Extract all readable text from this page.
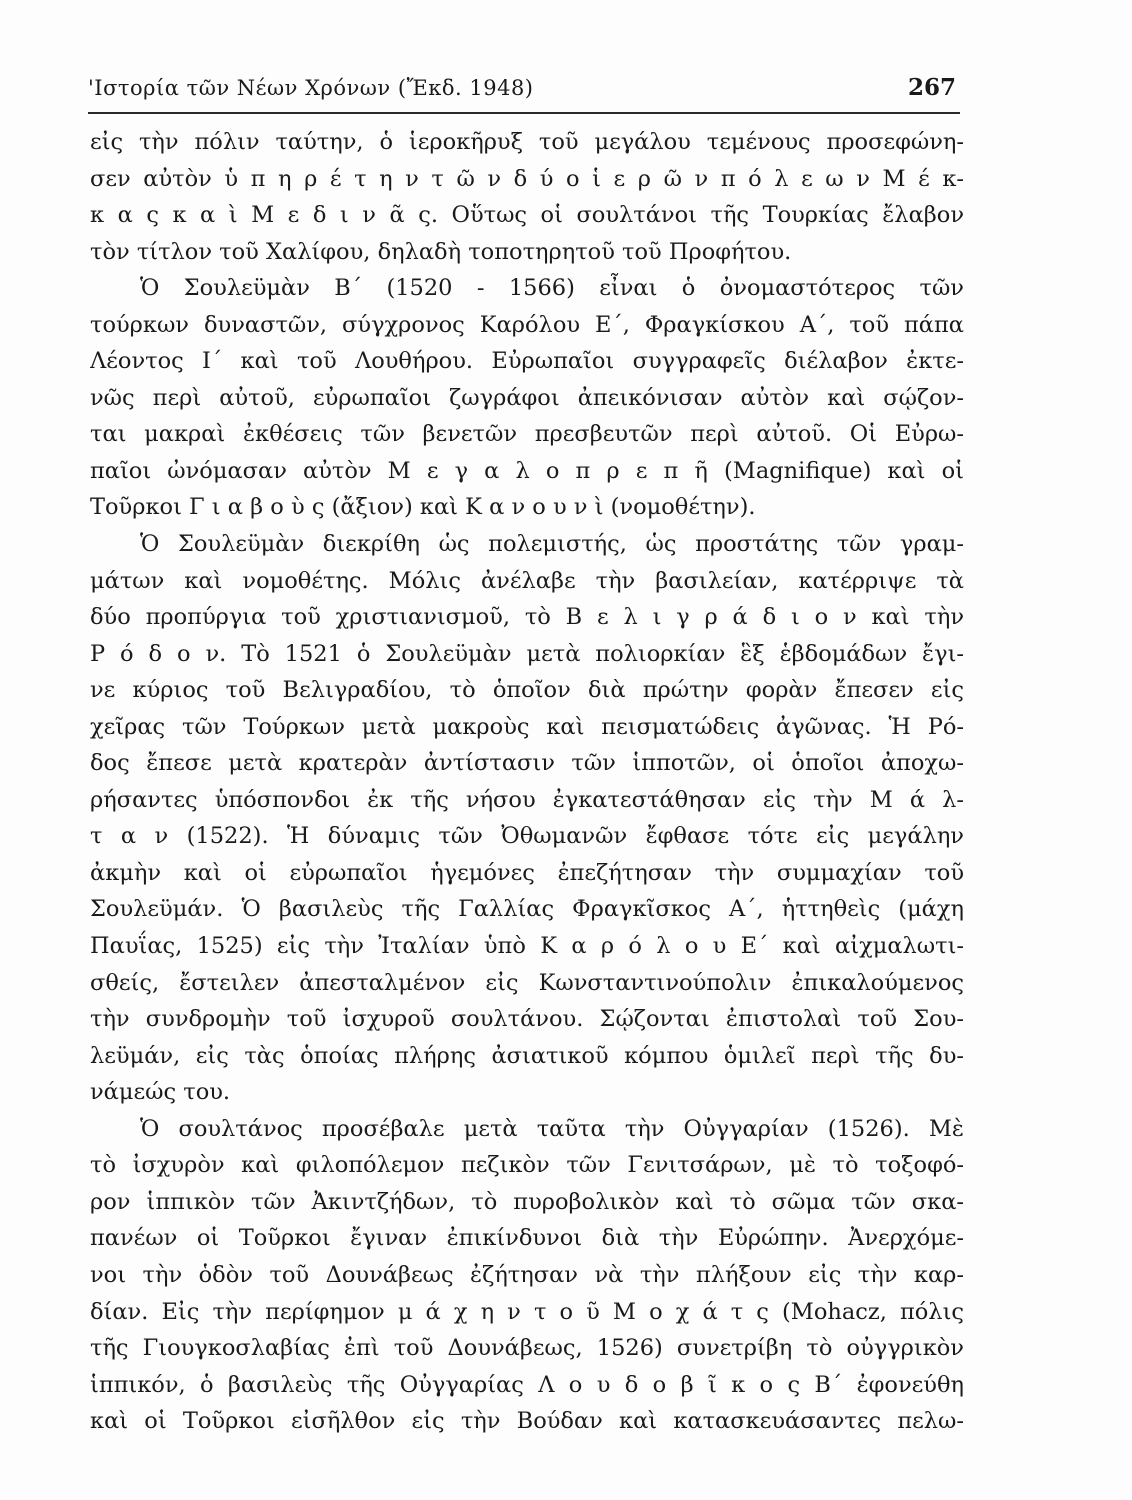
'Ιστορία τῶν Νέων Χρόνων (Ἔκδ. 1948)	267
εἰς τὴν πόλιν ταύτην, ὁ ἱεροκῆρυξ τοῦ μεγάλου τεμένους προσεφώνη-
σεν αὐτὸν ὑ π η ρ έ τ η ν τ ῶ ν δ ύ ο ἱ ε ρ ῶ ν π ό λ ε ω ν Μ έ κ-
κ α ς κ α ὶ Μ ε δ ι ν ᾶ ς. Οὕτως οἱ σουλτάνοι τῆς Τουρκίας ἔλαβον
τὸν τίτλον τοῦ Χαλίφου, δηλαδὴ τοποτηρητοῦ τοῦ Προφήτου.
Ὁ Σουλεϋμὰν Β΄ (1520 - 1566) εἶναι ὁ ὀνομαστότερος τῶν
τούρκων δυναστῶν, σύγχρονος Καρόλου Ε΄, Φραγκίσκου Α΄, τοῦ πάπα
Λέοντος Ι΄ καὶ τοῦ Λουθήρου. Εὐρωπαῖοι συγγραφεῖς διέλαβον ἐκτε-
νῶς περὶ αὐτοῦ, εὐρωπαῖοι ζωγράφοι ἀπεικόνισαν αὐτὸν καὶ σῴζον-
ται μακραὶ ἐκθέσεις τῶν βενετῶν πρεσβευτῶν περὶ αὐτοῦ. Οἱ Εὐρω-
παῖοι ὠνόμασαν αὐτὸν Μ ε γ α λ ο π ρ ε π ῆ (Magnifique) καὶ οἱ
Τοῦρκοι Γ ι α β ο ὺ ς (ἄξιον) καὶ Κ α ν ο υ ν ὶ (νομοθέτην).
Ὁ Σουλεϋμὰν διεκρίθη ὡς πολεμιστής, ὡς προστάτης τῶν γραμ-
μάτων καὶ νομοθέτης. Μόλις ἀνέλαβε τὴν βασιλείαν, κατέρριψε τὰ
δύο προπύργια τοῦ χριστιανισμοῦ, τὸ Β ε λ ι γ ρ ά δ ι ο ν καὶ τὴν
Ρ ό δ ο ν. Τὸ 1521 ὁ Σουλεϋμὰν μετὰ πολιορκίαν ἓξ ἑβδομάδων ἔγι-
νε κύριος τοῦ Βελιγραδίου, τὸ ὁποῖον διὰ πρώτην φορὰν ἔπεσεν εἰς
χεῖρας τῶν Τούρκων μετὰ μακροὺς καὶ πεισματώδεις ἀγῶνας. Ἡ Ρό-
δος ἔπεσε μετὰ κρατερὰν ἀντίστασιν τῶν ἱπποτῶν, οἱ ὁποῖοι ἀποχω-
ρήσαντες ὑπόσπονδοι ἐκ τῆς νήσου ἐγκατεστάθησαν εἰς τὴν Μ ά λ-
τ α ν (1522). Ἡ δύναμις τῶν Ὀθωμανῶν ἔφθασε τότε εἰς μεγάλην
ἀκμὴν καὶ οἱ εὐρωπαῖοι ἡγεμόνες ἐπεζήτησαν τὴν συμμαχίαν τοῦ
Σουλεϋμάν. Ὁ βασιλεὺς τῆς Γαλλίας Φραγκῖσκος Α΄, ἡττηθεὶς (μάχη
Παυΐας, 1525) εἰς τὴν Ἰταλίαν ὑπὸ Κ α ρ ό λ ο υ Ε΄ καὶ αἰχμαλωτι-
σθείς, ἔστειλεν ἀπεσταλμένον εἰς Κωνσταντινούπολιν ἐπικαλούμενος
τὴν συνδρομὴν τοῦ ἰσχυροῦ σουλτάνου. Σῴζονται ἐπιστολαὶ τοῦ Σου-
λεϋμάν, εἰς τὰς ὁποίας πλήρης ἀσιατικοῦ κόμπου ὁμιλεῖ περὶ τῆς δυ-
νάμεώς του.
Ὁ σουλτάνος προσέβαλε μετὰ ταῦτα τὴν Οὐγγαρίαν (1526). Μὲ
τὸ ἰσχυρὸν καὶ φιλοπόλεμον πεζικὸν τῶν Γενιτσάρων, μὲ τὸ τοξοφό-
ρον ἱππικὸν τῶν Ἀκιντζήδων, τὸ πυροβολικὸν καὶ τὸ σῶμα τῶν σκα-
πανέων οἱ Τοῦρκοι ἔγιναν ἐπικίνδυνοι διὰ τὴν Εὐρώπην. Ἀνερχόμε-
νοι τὴν ὁδὸν τοῦ Δουνάβεως ἐζήτησαν νὰ τὴν πλήξουν εἰς τὴν καρ-
δίαν. Εἰς τὴν περίφημον μ ά χ η ν τ ο ῦ Μ ο χ ά τ ς (Mohacz, πόλις
τῆς Γιουγκοσλαβίας ἐπὶ τοῦ Δουνάβεως, 1526) συνετρίβη τὸ οὐγγρικὸν
ἱππικόν, ὁ βασιλεὺς τῆς Οὐγγαρίας Λ ο υ δ ο β ῖ κ ο ς Β΄ ἐφονεύθη
καὶ οἱ Τοῦρκοι εἰσῆλθον εἰς τὴν Βούδαν καὶ κατασκευάσαντες πελω-
